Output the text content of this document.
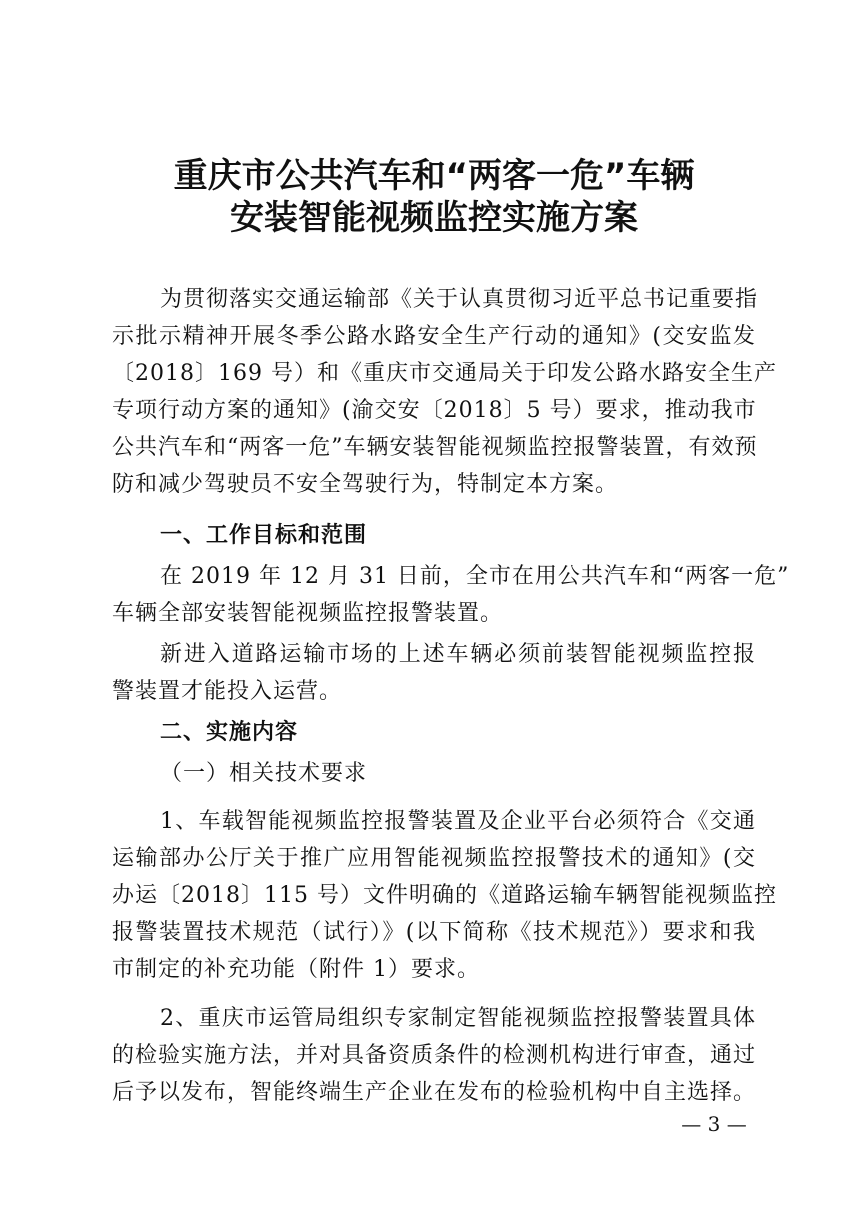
重庆市公共汽车和“两客一危”车辆
安装智能视频监控实施方案
为贯彻落实交通运输部《关于认真贯彻习近平总书记重要指
示批示精神开展冬季公路水路安全生产行动的通知》(交安监发
〔2018〕169 号）和《重庆市交通局关于印发公路水路安全生产
专项行动方案的通知》(渝交安〔2018〕5 号）要求，推动我市
公共汽车和“两客一危”车辆安装智能视频监控报警装置，有效预
防和减少驾驶员不安全驾驶行为，特制定本方案。
一、工作目标和范围
在 2019 年 12 月 31 日前，全市在用公共汽车和“两客一危”
车辆全部安装智能视频监控报警装置。
新进入道路运输市场的上述车辆必须前装智能视频监控报
警装置才能投入运营。
二、实施内容
（一）相关技术要求
1、车载智能视频监控报警装置及企业平台必须符合《交通
运输部办公厅关于推广应用智能视频监控报警技术的通知》(交
办运〔2018〕115 号）文件明确的《道路运输车辆智能视频监控
报警装置技术规范（试行）》(以下简称《技术规范》）要求和我
市制定的补充功能（附件 1）要求。
2、重庆市运管局组织专家制定智能视频监控报警装置具体
的检验实施方法，并对具备资质条件的检测机构进行审查，通过
后予以发布，智能终端生产企业在发布的检验机构中自主选择。
— 3 —
